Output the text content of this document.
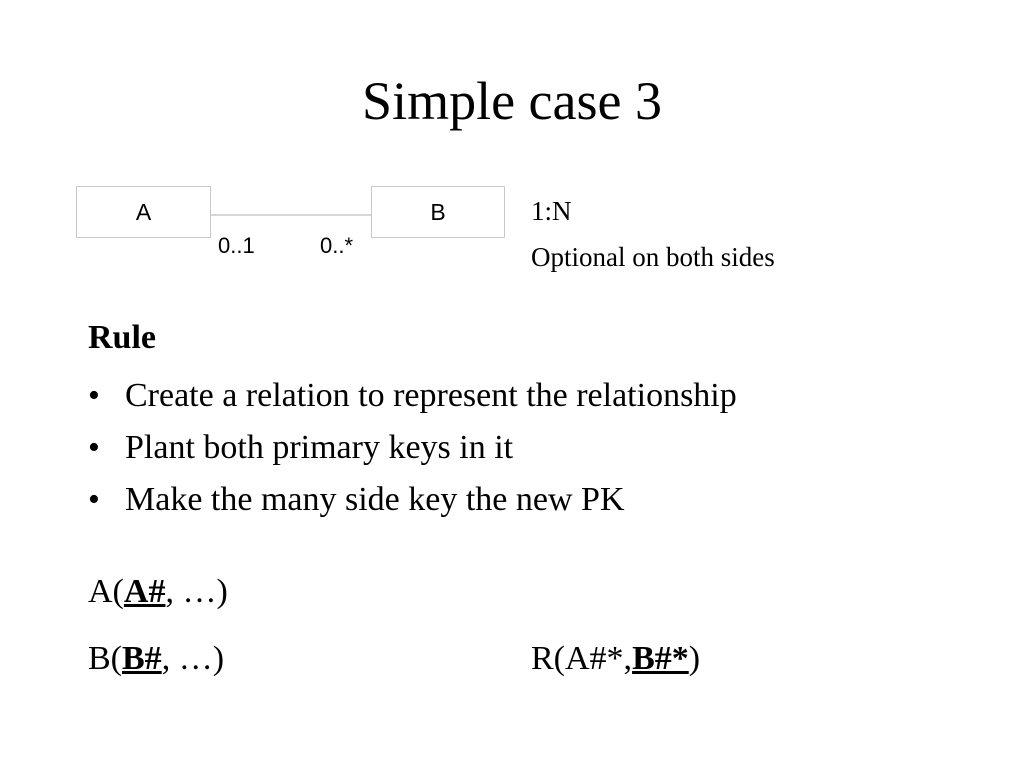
Simple case 3
A	B
0..1	0..*
1:N
Optional on both sides
Rule
• Create a relation to represent the relationship
• Plant both primary keys in it
• Make the many side key the new PK
A(A#, …)
B(B#, …)	R(A#*,B#*)
